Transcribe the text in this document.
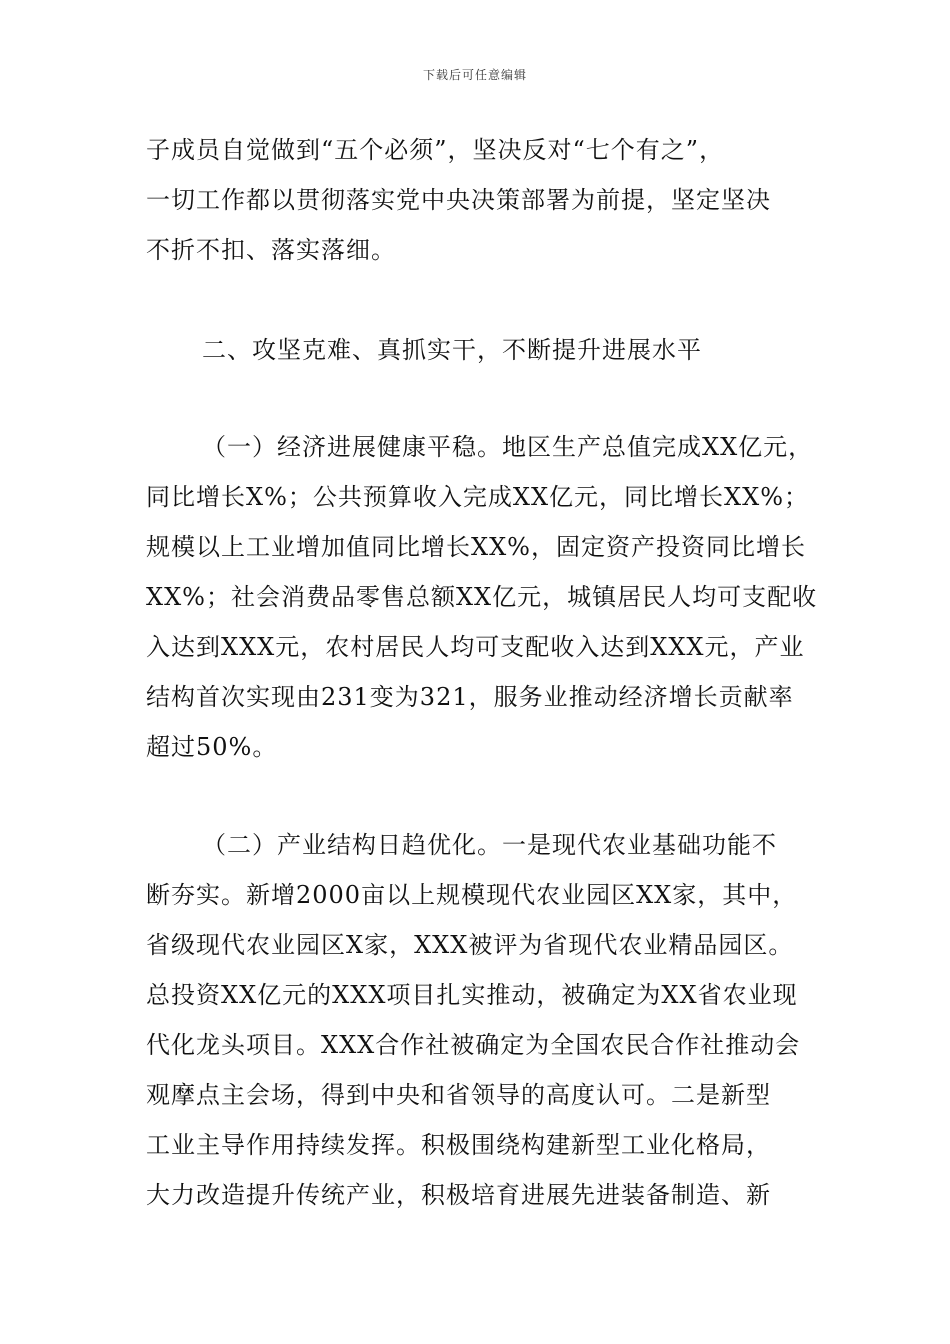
下载后可任意编辑
子成员自觉做到“五个必须”，坚决反对“七个有之”，
一切工作都以贯彻落实党中央决策部署为前提，坚定坚决
不折不扣、落实落细。
二、攻坚克难、真抓实干，不断提升进展水平
（一）经济进展健康平稳。地区生产总值完成XX亿元，
同比增长X%；公共预算收入完成XX亿元，同比增长XX%；
规模以上工业增加值同比增长XX%，固定资产投资同比增长
XX%；社会消费品零售总额XX亿元，城镇居民人均可支配收
入达到XXX元，农村居民人均可支配收入达到XXX元，产业
结构首次实现由231变为321，服务业推动经济增长贡献率
超过50%。
（二）产业结构日趋优化。一是现代农业基础功能不
断夯实。新增2000亩以上规模现代农业园区XX家，其中，
省级现代农业园区X家，XXX被评为省现代农业精品园区。
总投资XX亿元的XXX项目扎实推动，被确定为XX省农业现
代化龙头项目。XXX合作社被确定为全国农民合作社推动会
观摩点主会场，得到中央和省领导的高度认可。二是新型
工业主导作用持续发挥。积极围绕构建新型工业化格局，
大力改造提升传统产业，积极培育进展先进装备制造、新
